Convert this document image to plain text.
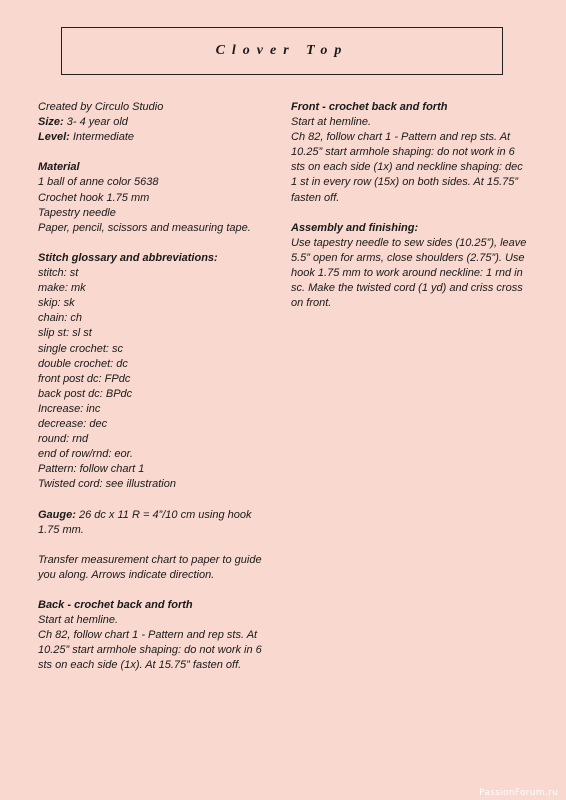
Clover Top
Created by Circulo Studio
Size: 3- 4 year old
Level: Intermediate
Material
1 ball of anne color 5638
Crochet hook 1.75 mm
Tapestry needle
Paper, pencil, scissors and measuring tape.
Stitch glossary and abbreviations:
stitch: st
make: mk
skip: sk
chain: ch
slip st: sl st
single crochet: sc
double crochet: dc
front post dc: FPdc
back post dc: BPdc
Increase: inc
decrease: dec
round: rnd
end of row/rnd: eor.
Pattern: follow chart 1
Twisted cord: see illustration
Gauge: 26 dc x 11 R = 4”/10 cm using hook
1.75 mm.
Transfer measurement chart to paper to guide
you along. Arrows indicate direction.
Back - crochet back and forth
Start at hemline.
Ch 82, follow chart 1 - Pattern and rep sts. At
10.25” start armhole shaping: do not work in 6
sts on each side (1x). At 15.75” fasten off.
Front - crochet back and forth
Start at hemline.
Ch 82, follow chart 1 - Pattern and rep sts. At
10.25” start armhole shaping: do not work in 6
sts on each side (1x) and neckline shaping: dec
1 st in every row (15x) on both sides. At 15.75”
fasten off.
Assembly and finishing:
Use tapestry needle to sew sides (10.25”), leave
5.5” open for arms, close shoulders (2.75”). Use
hook 1.75 mm to work around neckline: 1 rnd in
sc. Make the twisted cord (1 yd) and criss cross
on front.
PassionForum.ru
